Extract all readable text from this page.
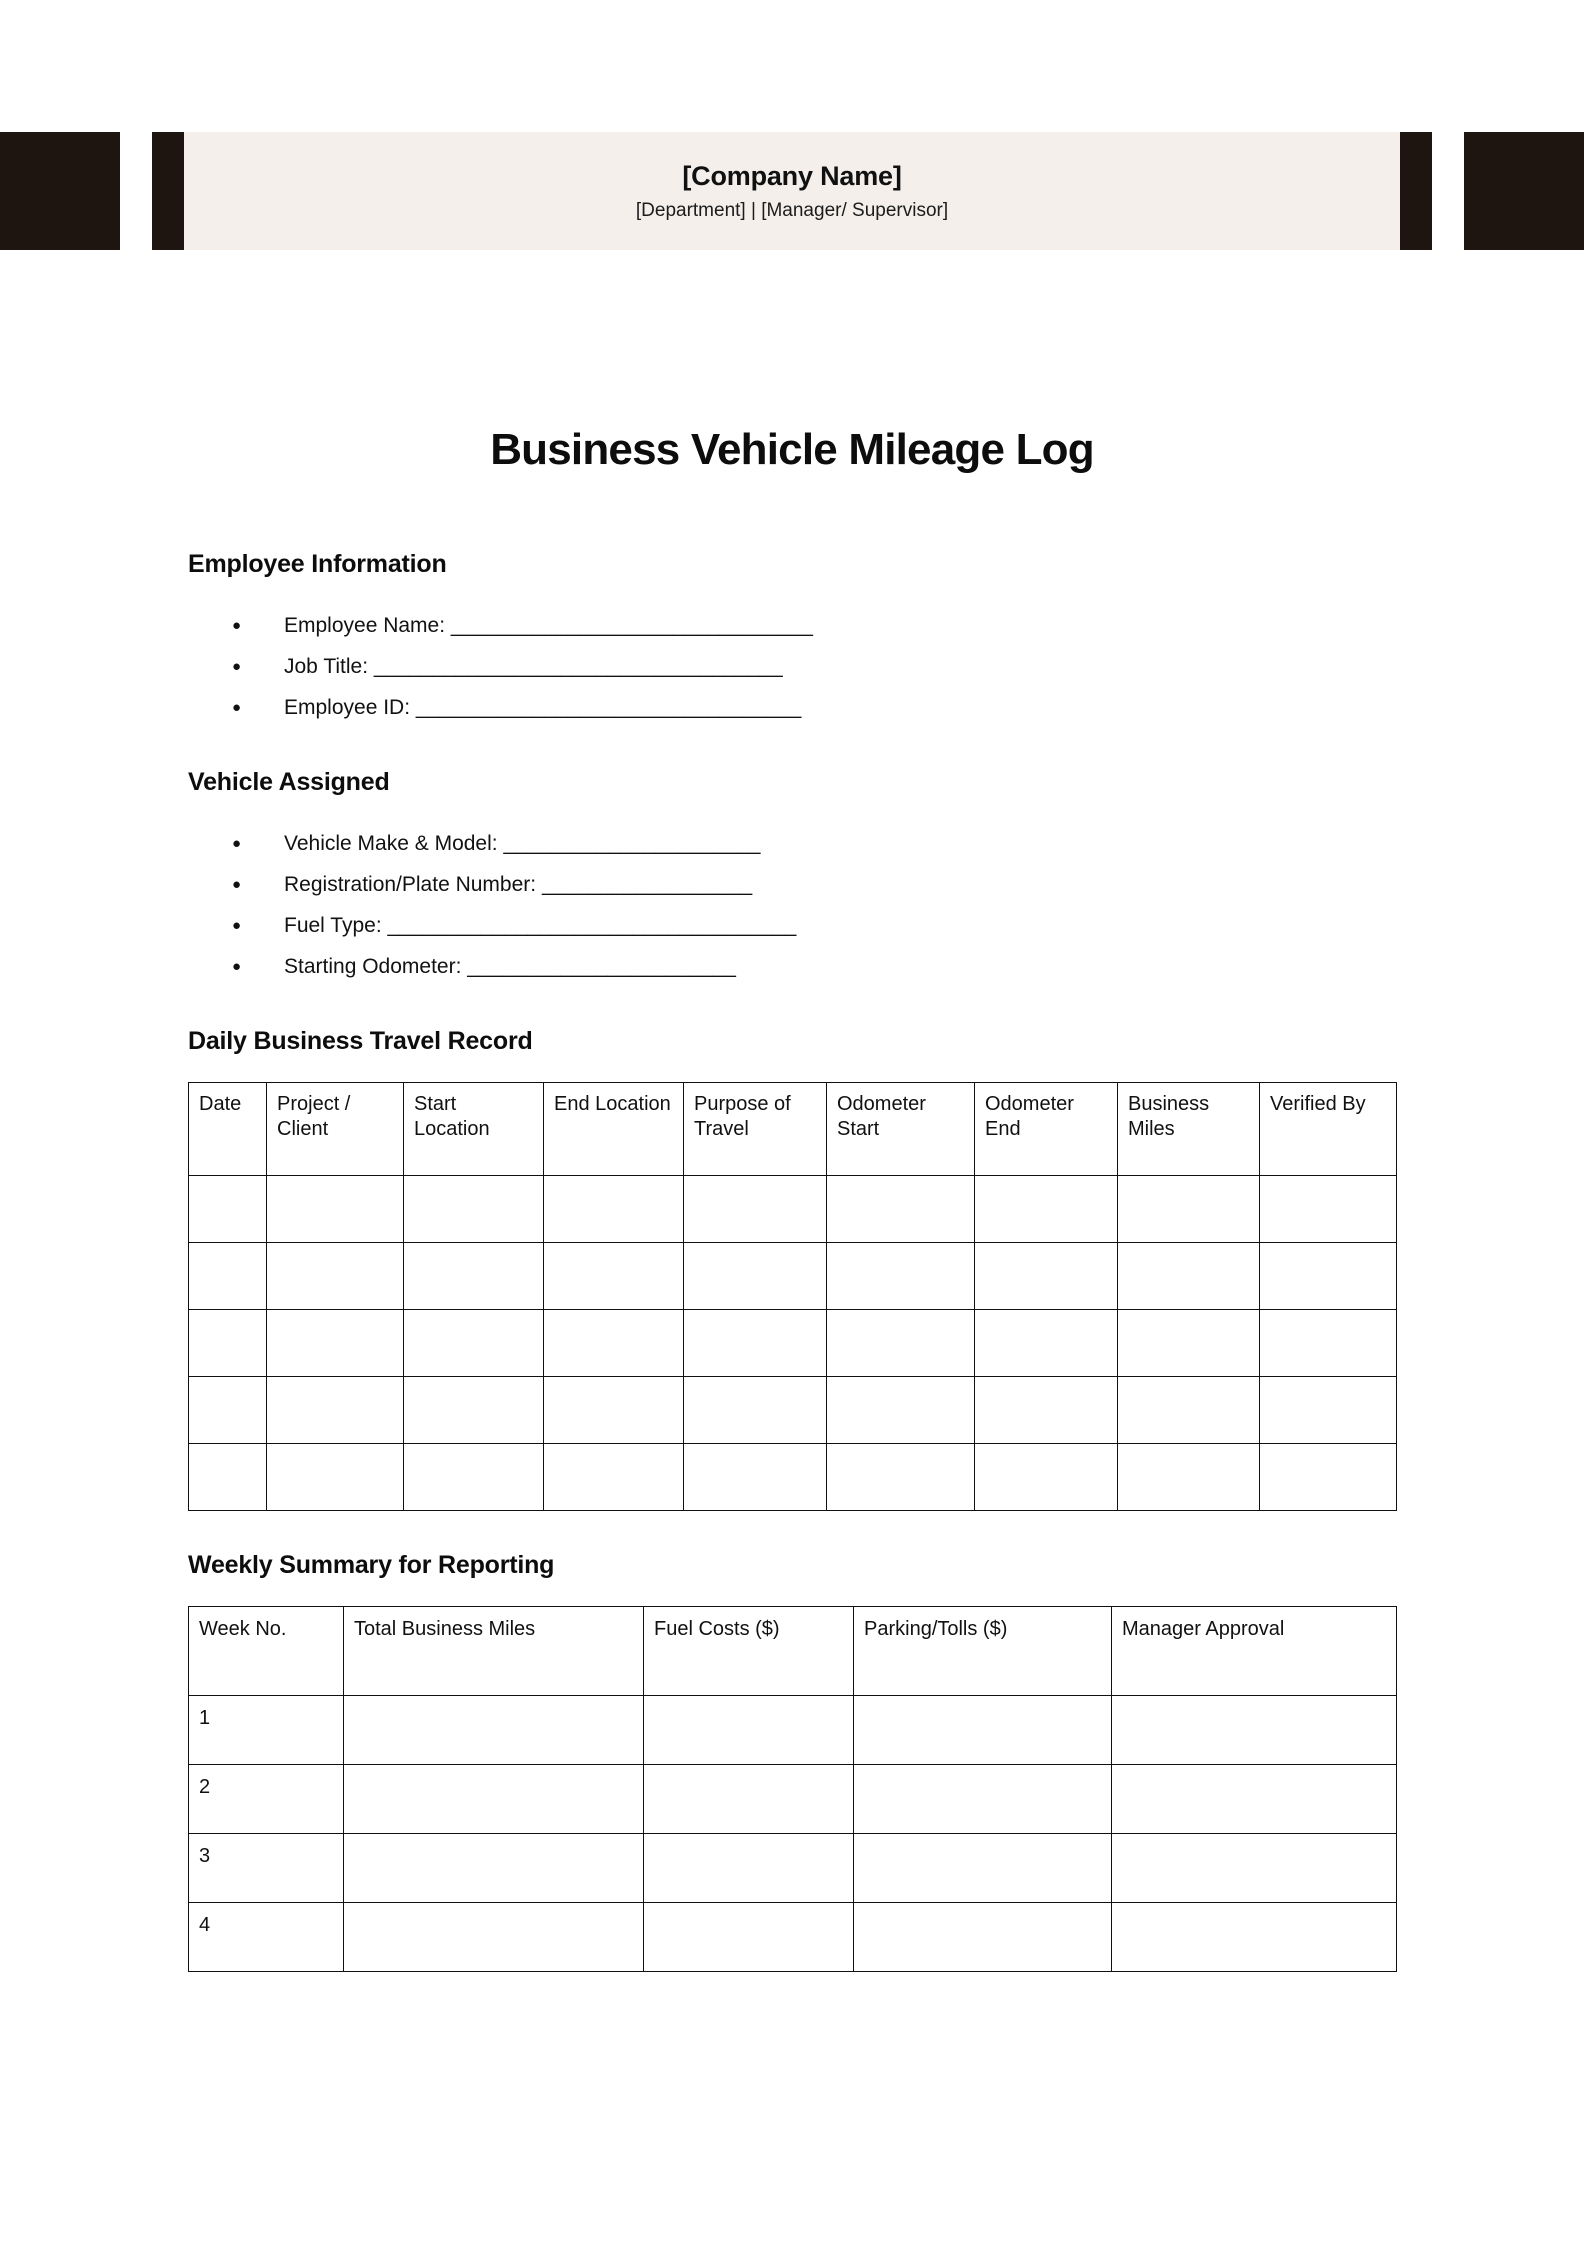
[Company Name]
[Department] | [Manager/ Supervisor]
Business Vehicle Mileage Log
Employee Information
● Employee Name: _______________________________
● Job Title: ___________________________________
● Employee ID: _________________________________
Vehicle Assigned
● Vehicle Make & Model: ______________________
● Registration/Plate Number: __________________
● Fuel Type: ___________________________________
● Starting Odometer: _______________________
Daily Business Travel Record
Date	Project / Client	Start Location	End Location	Purpose of Travel	Odometer Start	Odometer End	Business Miles	Verified By

Weekly Summary for Reporting
Week No.	Total Business Miles	Fuel Costs ($)	Parking/Tolls ($)	Manager Approval
1				
2				
3				
4				
